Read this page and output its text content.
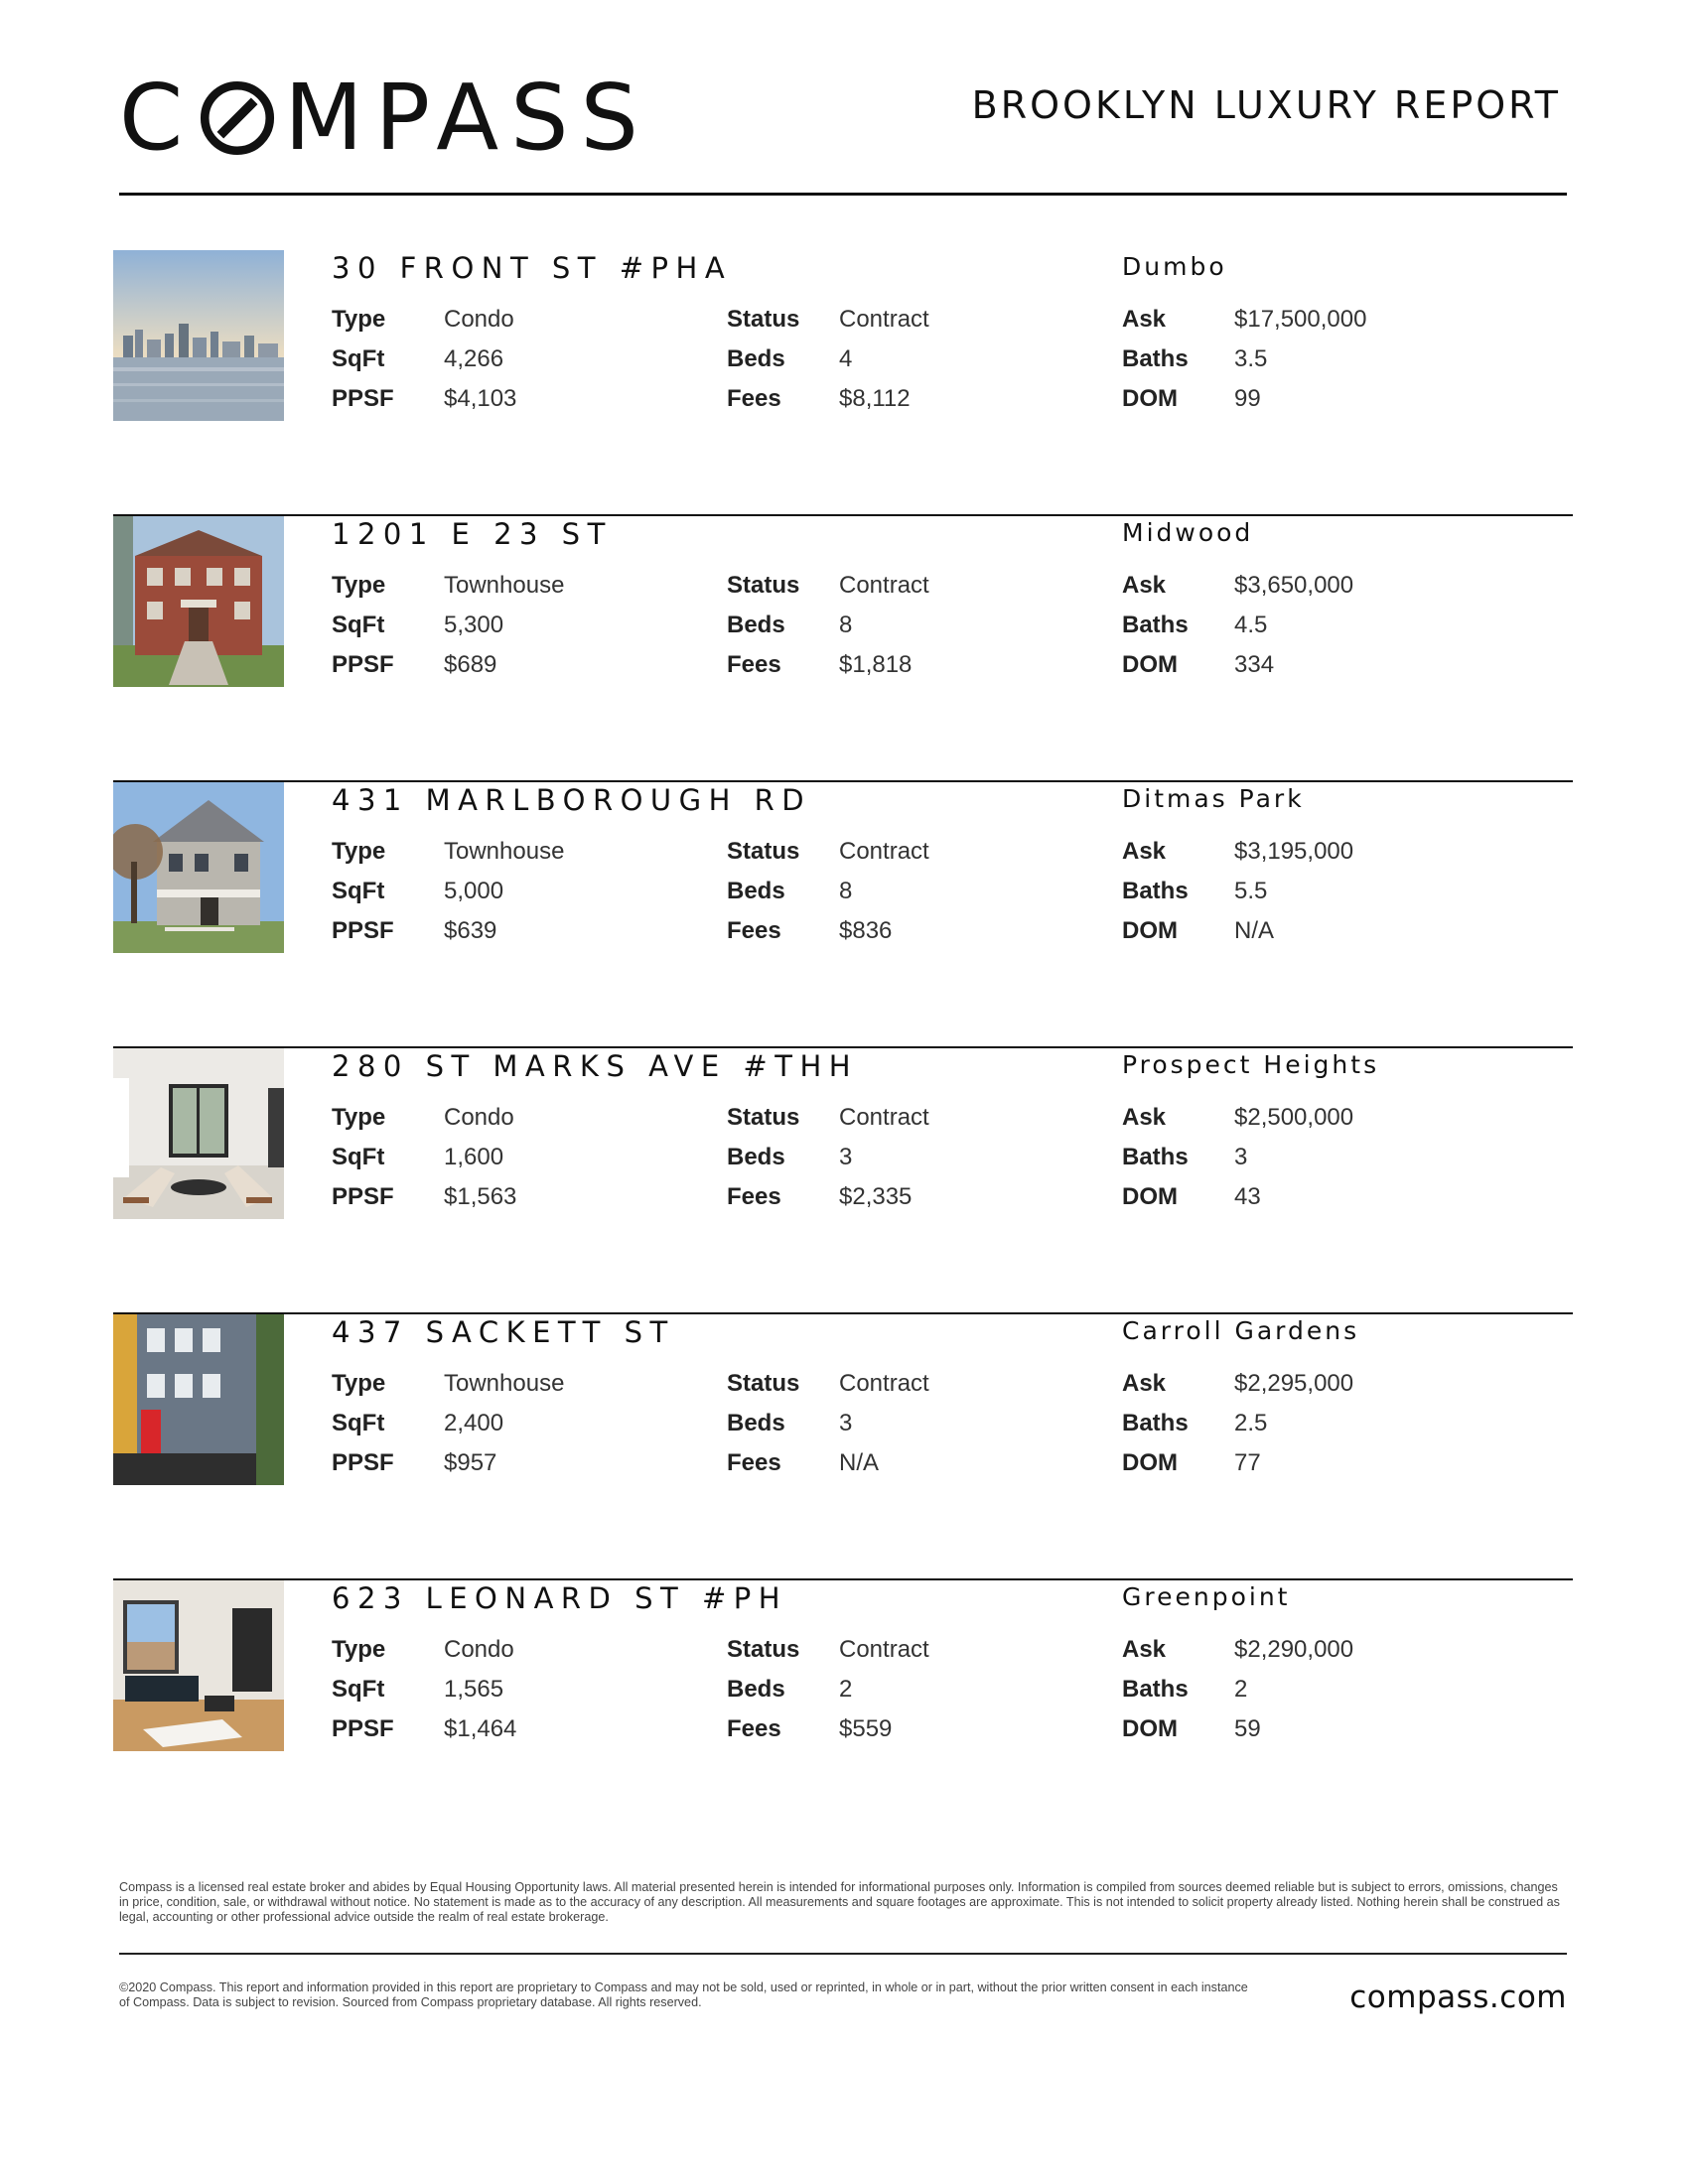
C MPASS	BROOKLYN LUXURY REPORT
30 FRONT ST #PHA	Dumbo
Type	Condo
SqFt	4,266
PPSF	$4,103
Status	Contract
Beds	4
Fees	$8,112
Ask	$17,500,000
Baths	3.5
DOM	99
1201 E 23 ST	Midwood
Type	Townhouse
SqFt	5,300
PPSF	$689
Status	Contract
Beds	8
Fees	$1,818
Ask	$3,650,000
Baths	4.5
DOM	334
431 MARLBOROUGH RD	Ditmas Park
Type	Townhouse
SqFt	5,000
PPSF	$639
Status	Contract
Beds	8
Fees	$836
Ask	$3,195,000
Baths	5.5
DOM	N/A
280 ST MARKS AVE #THH	Prospect Heights
Type	Condo
SqFt	1,600
PPSF	$1,563
Status	Contract
Beds	3
Fees	$2,335
Ask	$2,500,000
Baths	3
DOM	43
437 SACKETT ST	Carroll Gardens
Type	Townhouse
SqFt	2,400
PPSF	$957
Status	Contract
Beds	3
Fees	N/A
Ask	$2,295,000
Baths	2.5
DOM	77
623 LEONARD ST #PH	Greenpoint
Type	Condo
SqFt	1,565
PPSF	$1,464
Status	Contract
Beds	2
Fees	$559
Ask	$2,290,000
Baths	2
DOM	59
Compass is a licensed real estate broker and abides by Equal Housing Opportunity laws. All material presented herein is intended for informational purposes only. Information is compiled from sources deemed reliable but is subject to errors, omissions, changes in price, condition, sale, or withdrawal without notice. No statement is made as to the accuracy of any description. All measurements and square footages are approximate. This is not intended to solicit property already listed. Nothing herein shall be construed as legal, accounting or other professional advice outside the realm of real estate brokerage.
©2020 Compass. This report and information provided in this report are proprietary to Compass and may not be sold, used or reprinted, in whole or in part, without the prior written consent in each instance of Compass. Data is subject to revision. Sourced from Compass proprietary database. All rights reserved.	compass.com
